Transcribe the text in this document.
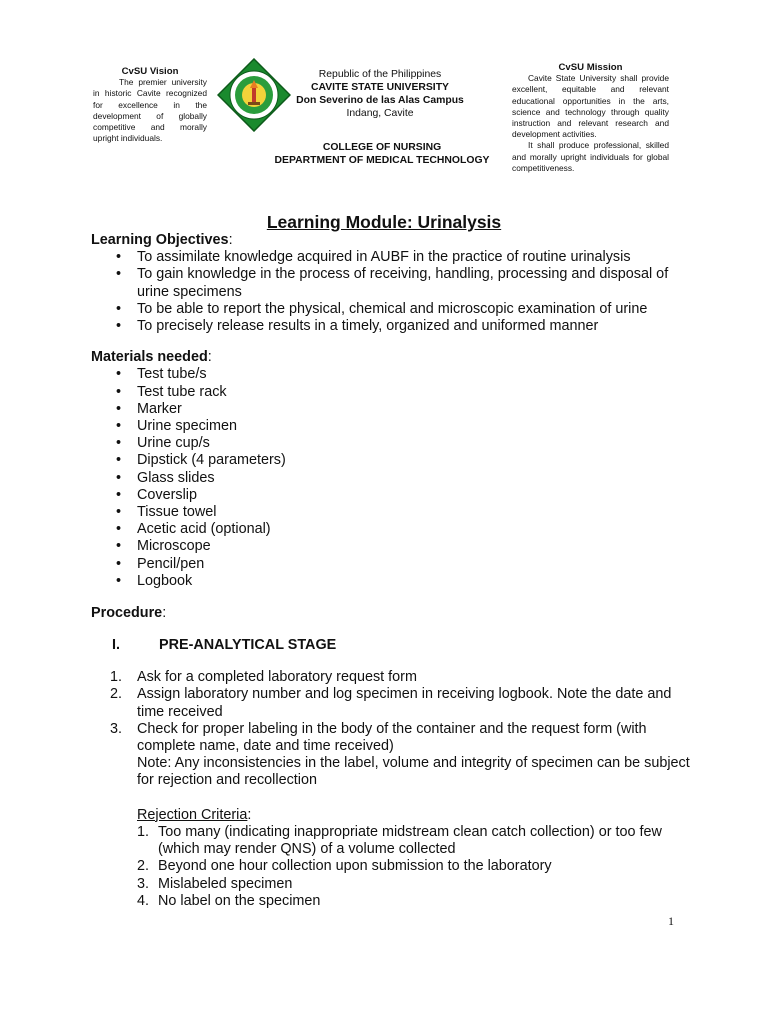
CvSU Vision
The premier university in historic Cavite recognized for excellence in the development of globally competitive and morally upright individuals.
Republic of the Philippines
CAVITE STATE UNIVERSITY
Don Severino de las Alas Campus
Indang, Cavite
COLLEGE OF NURSING
DEPARTMENT OF MEDICAL TECHNOLOGY
CvSU Mission
Cavite State University shall provide excellent, equitable and relevant educational opportunities in the arts, science and technology through quality instruction and relevant research and development activities.
It shall produce professional, skilled and morally upright individuals for global competitiveness.
Learning Module: Urinalysis
Learning Objectives:
• To assimilate knowledge acquired in AUBF in the practice of routine urinalysis
• To gain knowledge in the process of receiving, handling, processing and disposal of urine specimens
• To be able to report the physical, chemical and microscopic examination of urine
• To precisely release results in a timely, organized and uniformed manner
Materials needed:
• Test tube/s
• Test tube rack
• Marker
• Urine specimen
• Urine cup/s
• Dipstick (4 parameters)
• Glass slides
• Coverslip
• Tissue towel
• Acetic acid (optional)
• Microscope
• Pencil/pen
• Logbook
Procedure:
I.	PRE-ANALYTICAL STAGE
1. Ask for a completed laboratory request form
2. Assign laboratory number and log specimen in receiving logbook. Note the date and time received
3. Check for proper labeling in the body of the container and the request form (with complete name, date and time received)
Note: Any inconsistencies in the label, volume and integrity of specimen can be subject for rejection and recollection
Rejection Criteria:
1. Too many (indicating inappropriate midstream clean catch collection) or too few (which may render QNS) of a volume collected
2. Beyond one hour collection upon submission to the laboratory
3. Mislabeled specimen
4. No label on the specimen
1
